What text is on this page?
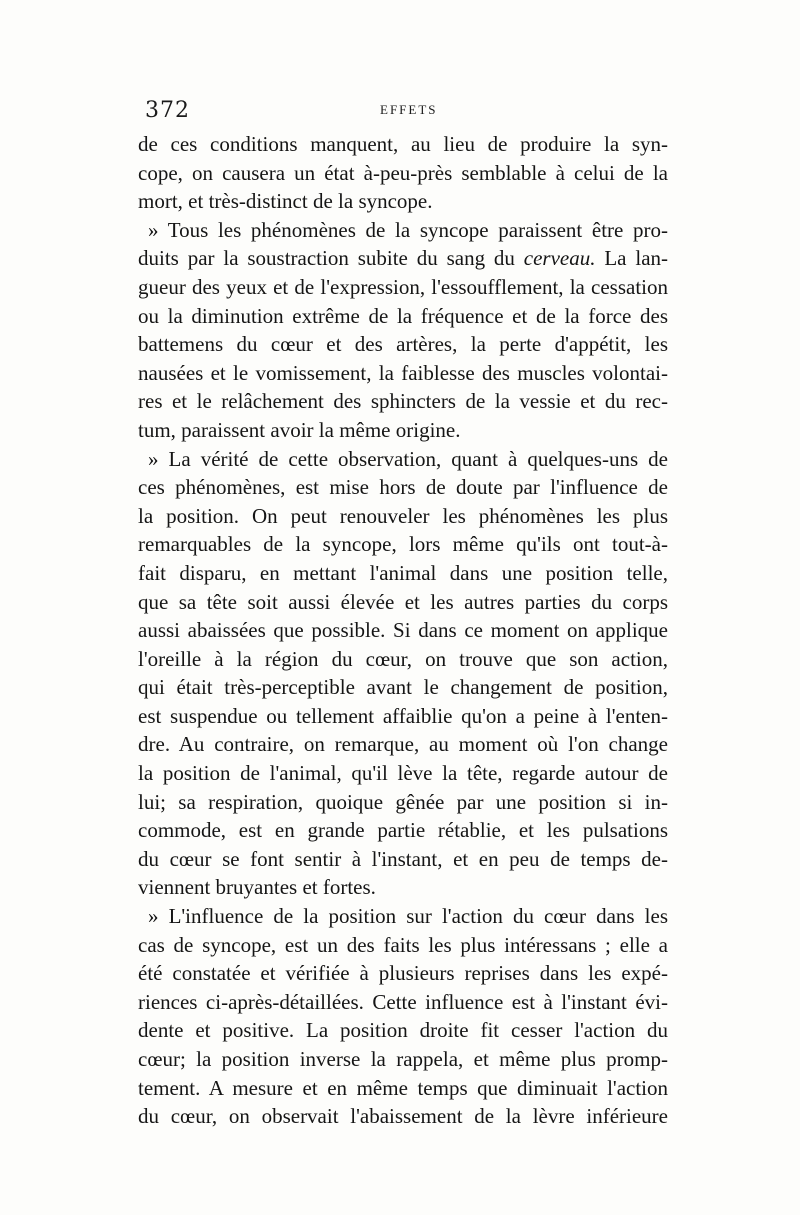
372	EFFETS
de ces conditions manquent, au lieu de produire la syn-
cope, on causera un état à-peu-près semblable à celui de la
mort, et très-distinct de la syncope.
» Tous les phénomènes de la syncope paraissent être pro-
duits par la soustraction subite du sang du cerveau. La lan-
gueur des yeux et de l'expression, l'essoufflement, la cessation
ou la diminution extrême de la fréquence et de la force des
battemens du cœur et des artères, la perte d'appétit, les
nausées et le vomissement, la faiblesse des muscles volontai-
res et le relâchement des sphincters de la vessie et du rec-
tum, paraissent avoir la même origine.
» La vérité de cette observation, quant à quelques-uns de
ces phénomènes, est mise hors de doute par l'influence de
la position. On peut renouveler les phénomènes les plus
remarquables de la syncope, lors même qu'ils ont tout-à-
fait disparu, en mettant l'animal dans une position telle,
que sa tête soit aussi élevée et les autres parties du corps
aussi abaissées que possible. Si dans ce moment on applique
l'oreille à la région du cœur, on trouve que son action,
qui était très-perceptible avant le changement de position,
est suspendue ou tellement affaiblie qu'on a peine à l'enten-
dre. Au contraire, on remarque, au moment où l'on change
la position de l'animal, qu'il lève la tête, regarde autour de
lui; sa respiration, quoique gênée par une position si in-
commode, est en grande partie rétablie, et les pulsations
du cœur se font sentir à l'instant, et en peu de temps de-
viennent bruyantes et fortes.
» L'influence de la position sur l'action du cœur dans les
cas de syncope, est un des faits les plus intéressans ; elle a
été constatée et vérifiée à plusieurs reprises dans les expé-
riences ci-après-détaillées. Cette influence est à l'instant évi-
dente et positive. La position droite fit cesser l'action du
cœur; la position inverse la rappela, et même plus promp-
tement. A mesure et en même temps que diminuait l'action
du cœur, on observait l'abaissement de la lèvre inférieure
